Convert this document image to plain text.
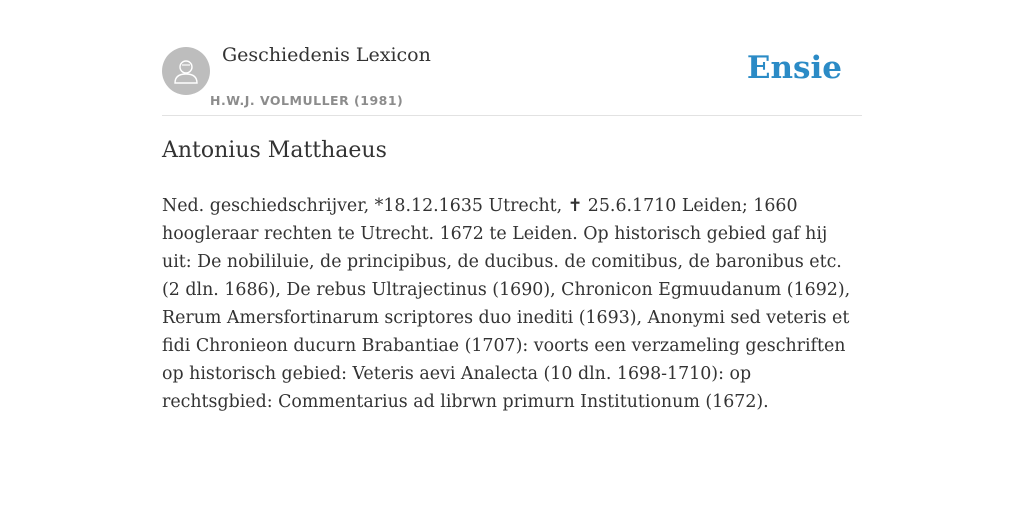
Geschiedenis Lexicon
H.W.J. VOLMULLER (1981)
Ensie
Antonius Matthaeus

Ned. geschiedschrijver, *18.12.1635 Utrecht, ✝ 25.6.1710 Leiden; 1660 hoogleraar rechten te Utrecht. 1672 te Leiden. Op historisch gebied gaf hij uit: De nobililuie, de principibus, de ducibus. de comitibus, de baronibus etc. (2 dln. 1686), De rebus Ultrajectinus (1690), Chronicon Egmuudanum (1692), Rerum Amersfortinarum scriptores duo inediti (1693), Anonymi sed veteris et fidi Chronieon ducurn Brabantiae (1707): voorts een verzameling geschriften op historisch gebied: Veteris aevi Analecta (10 dln. 1698-1710): op rechtsgbied: Commentarius ad librwn primurn Institutionum (1672).
